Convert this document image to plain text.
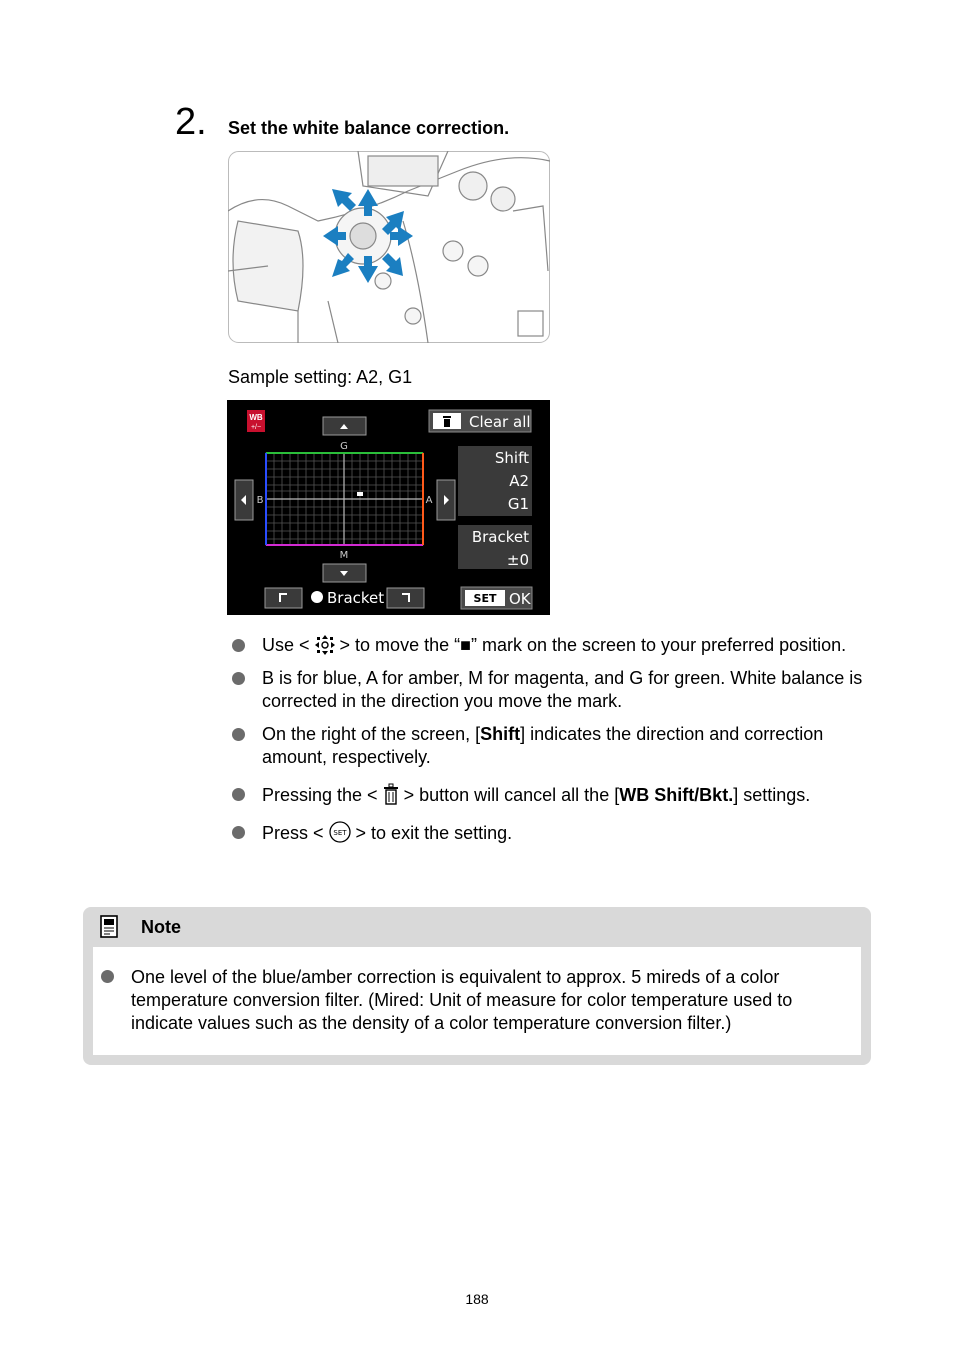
2. Set the white balance correction.
Sample setting: A2, G1
WB
+/−	Clear all
G
B	A
M
Shift
A2
G1
Bracket
±0
Bracket	SET OK
Use <  > to move the “■” mark on the screen to your preferred position.
B is for blue, A for amber, M for magenta, and G for green. White balance is corrected in the direction you move the mark.
On the right of the screen, [Shift] indicates the direction and correction amount, respectively.
Pressing the <  > button will cancel all the [WB Shift/Bkt.] settings.
Press < SET > to exit the setting.
Note
One level of the blue/amber correction is equivalent to approx. 5 mireds of a color temperature conversion filter. (Mired: Unit of measure for color temperature used to indicate values such as the density of a color temperature conversion filter.)
188
